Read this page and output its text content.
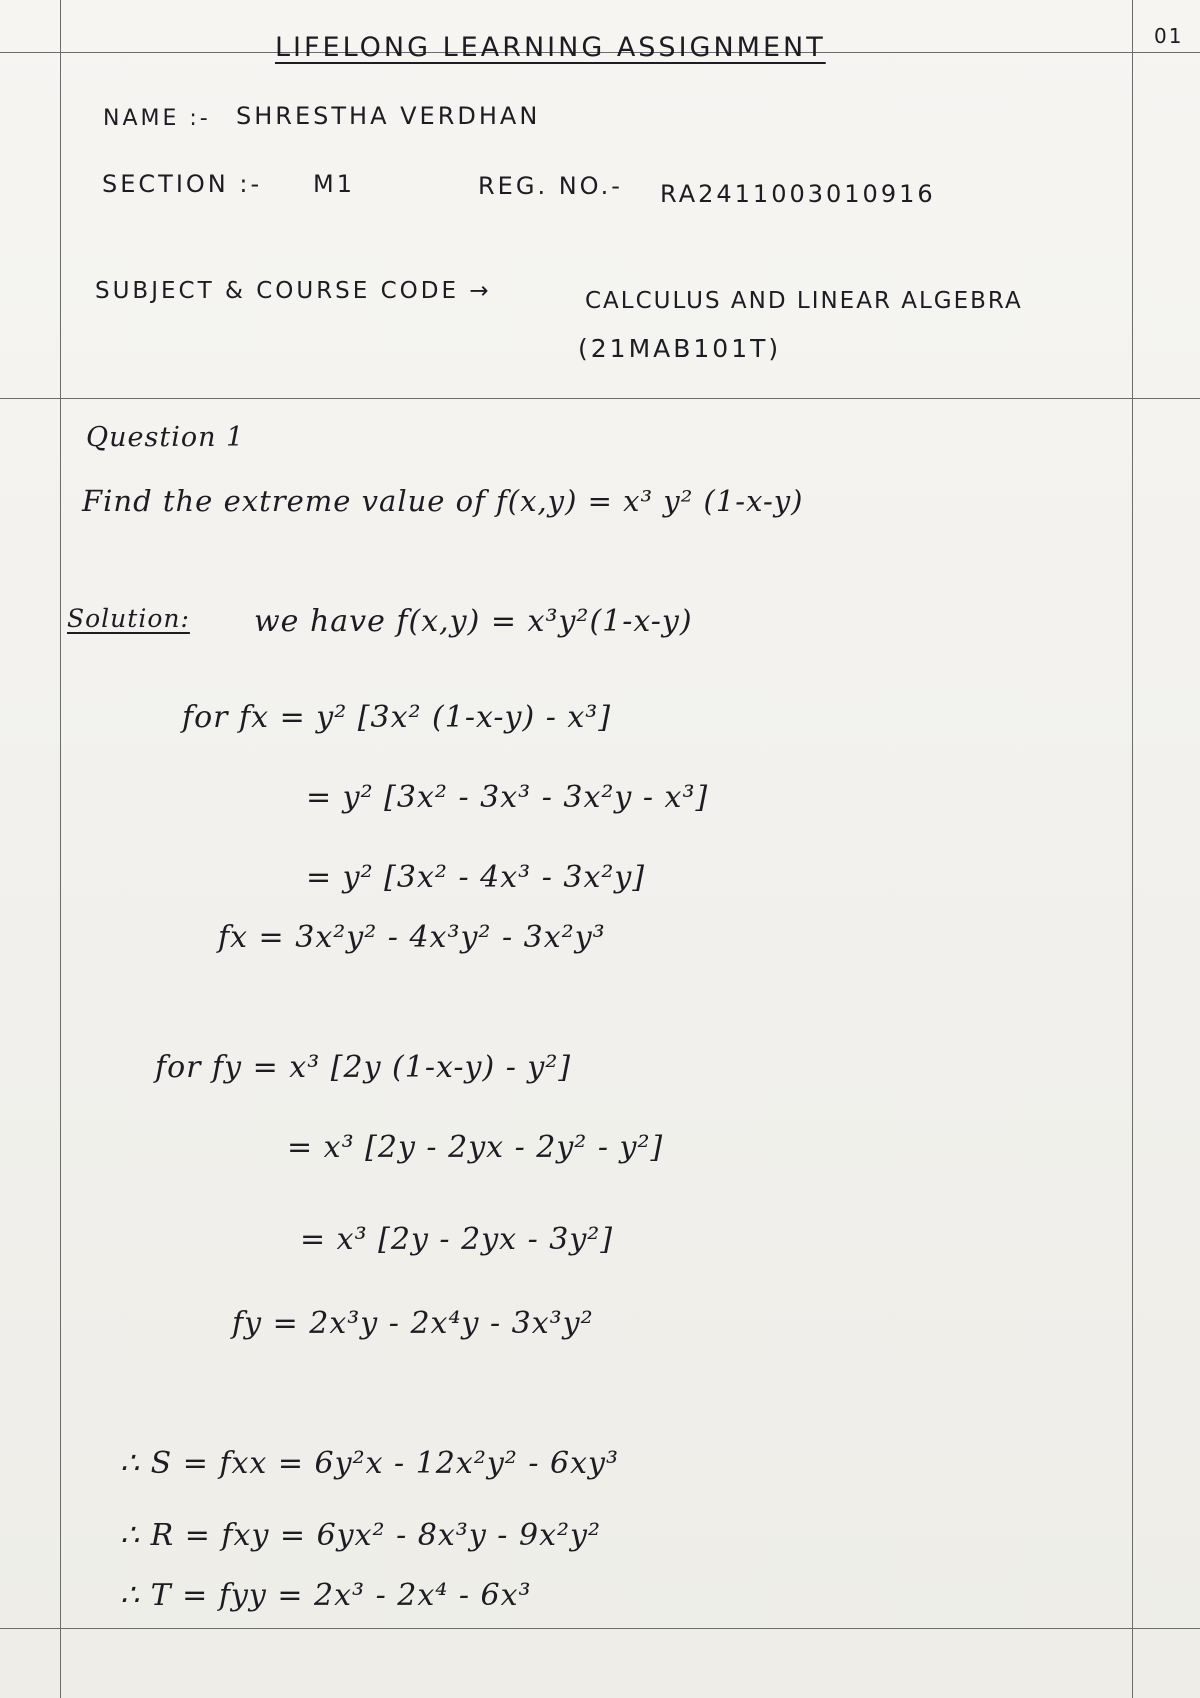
01
LIFELONG LEARNING ASSIGNMENT
NAME :- SHRESTHA VERDHAN
SECTION :- M1	REG. NO.- RA2411003010916
SUBJECT & COURSE CODE →	CALCULUS AND LINEAR ALGEBRA
(21MAB101T)
Question 1
Find the extreme value of f(x,y) = x³ y² (1-x-y)
Solution: we have f(x,y) = x³y²(1-x-y)
for fx = y² [3x² (1-x-y) - x³]
= y² [3x² - 3x³ - 3x²y - x³]
= y² [3x² - 4x³ - 3x²y]
fx = 3x²y² - 4x³y² - 3x²y³
for fy = x³ [2y (1-x-y) - y²]
= x³ [2y - 2yx - 2y² - y²]
= x³ [2y - 2yx - 3y²]
fy = 2x³y - 2x⁴y - 3x³y²
∴ S = fxx = 6y²x - 12x²y² - 6xy³
∴ R = fxy = 6yx² - 8x³y - 9x²y²
∴ T = fyy = 2x³ - 2x⁴ - 6x³
